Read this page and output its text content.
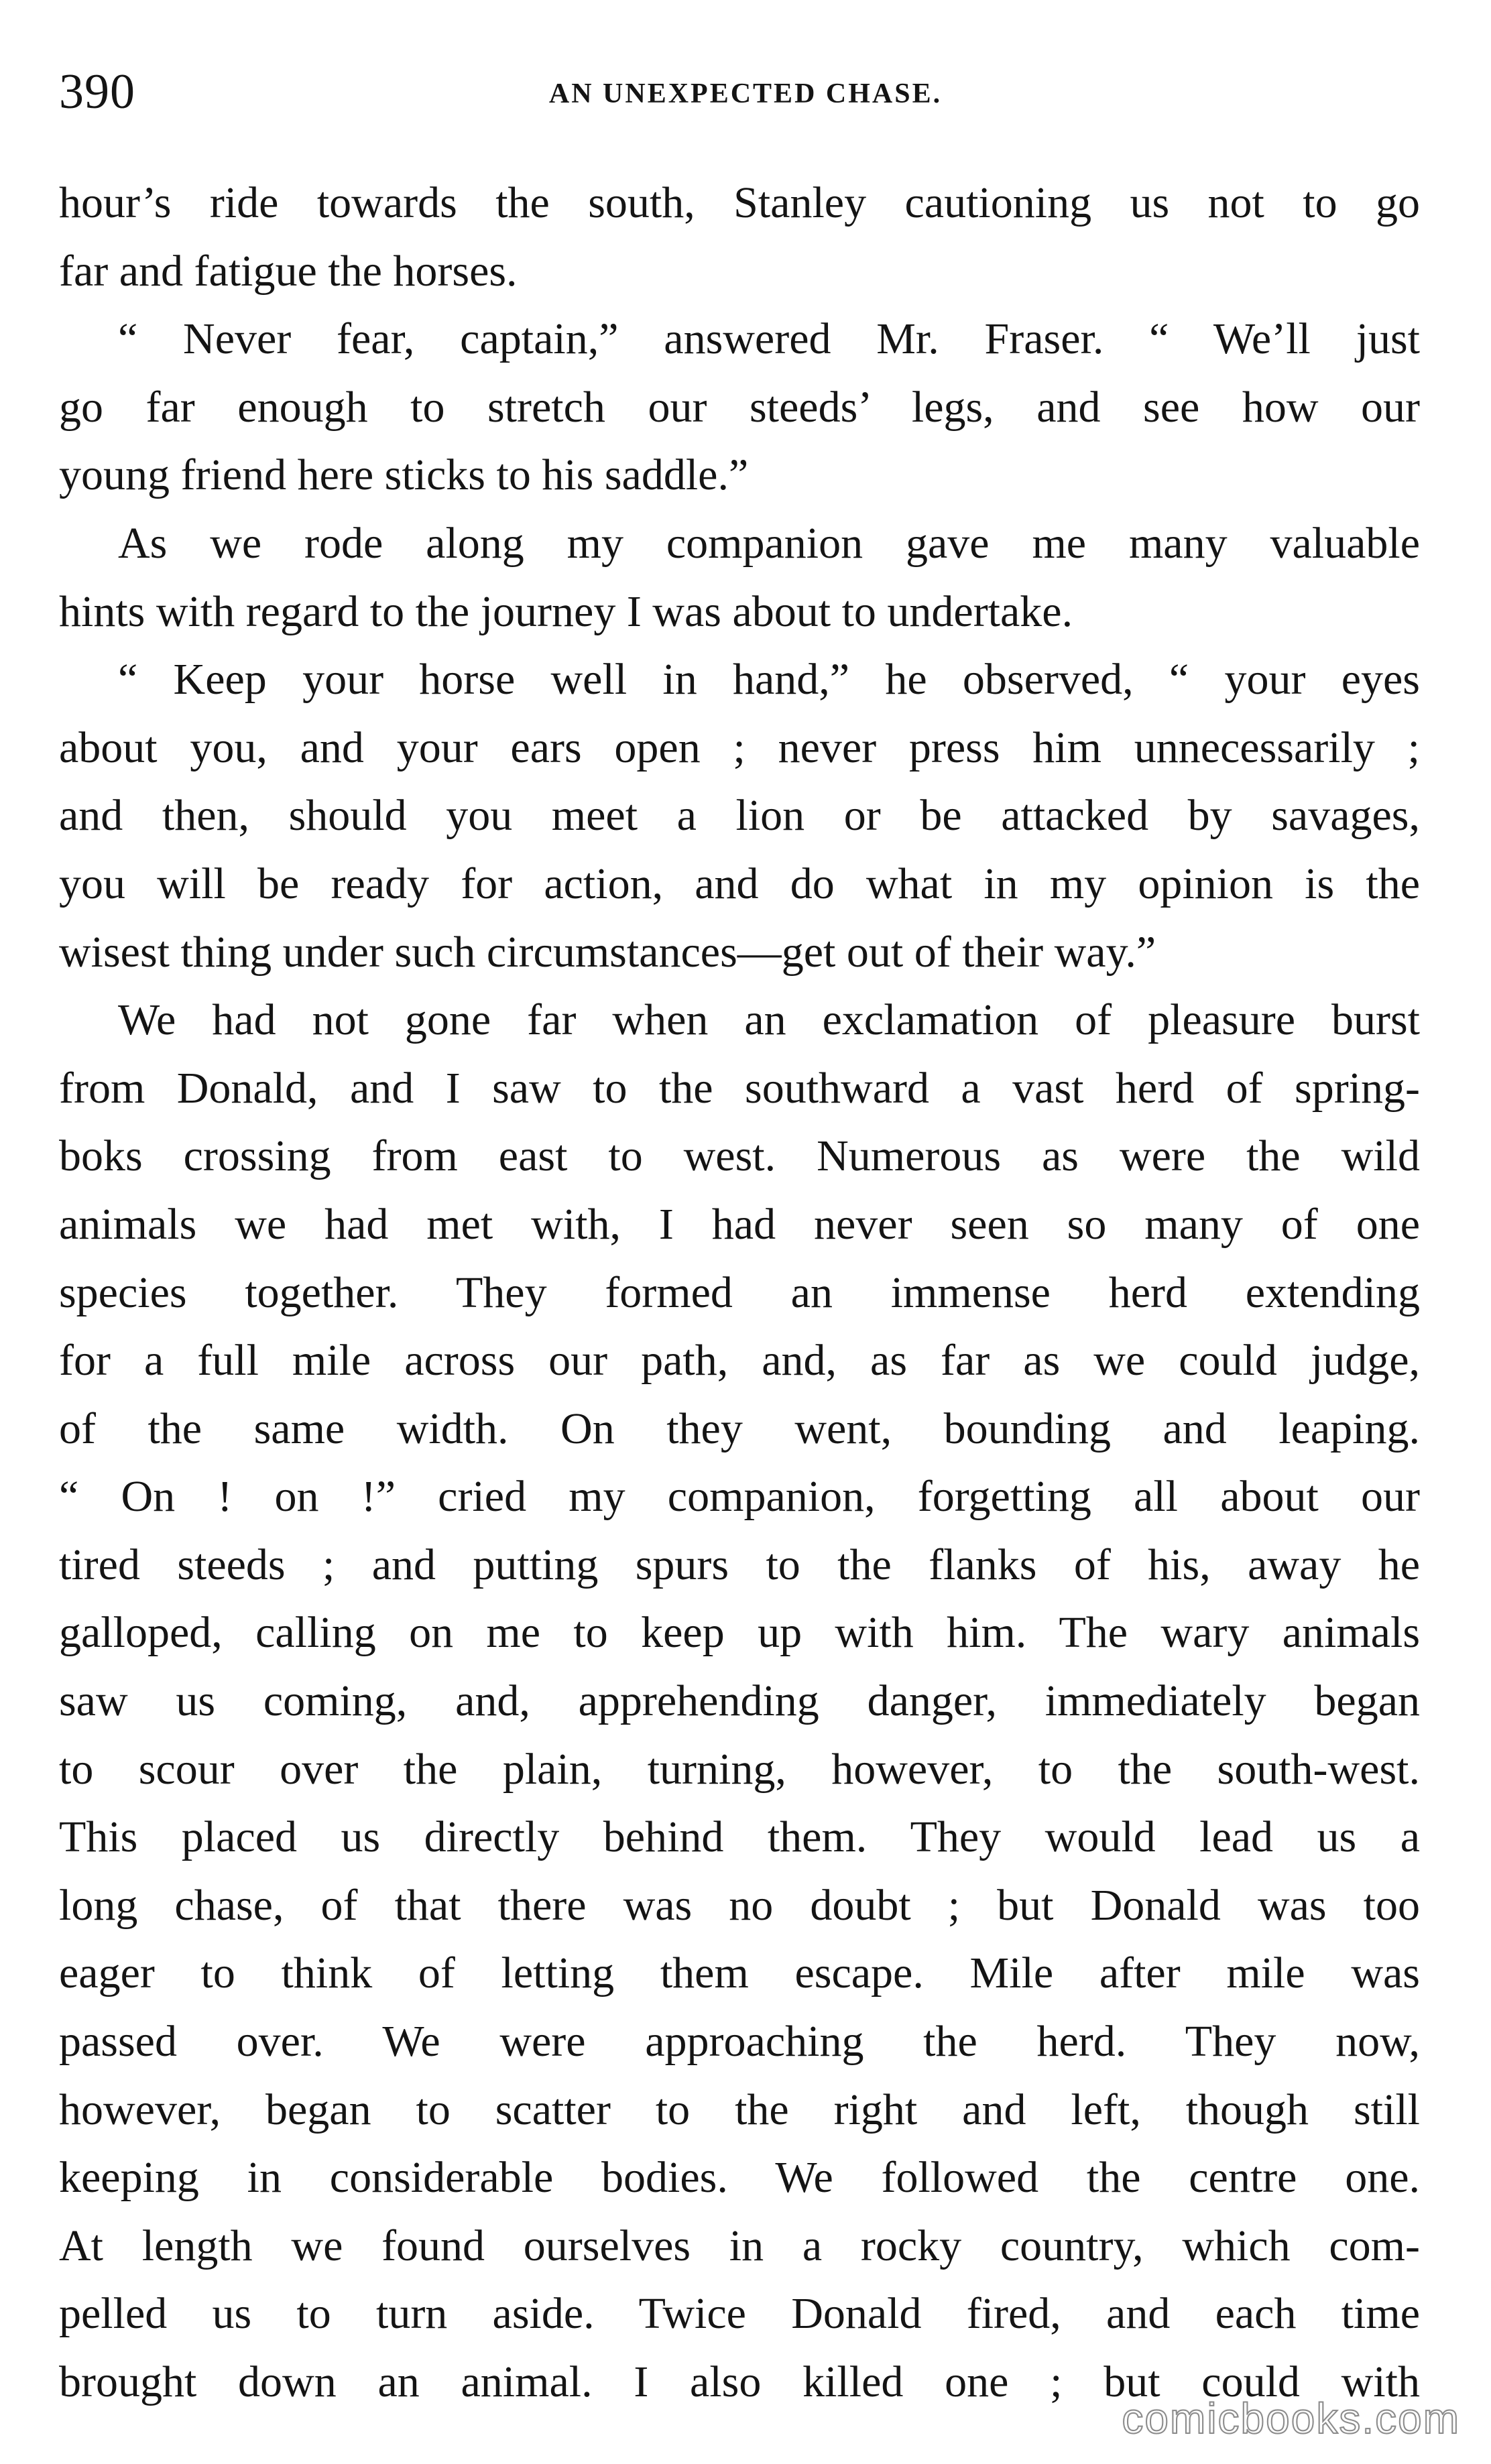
390	AN UNEXPECTED CHASE.
hour’s ride towards the south, Stanley cautioning us not to go
far and fatigue the horses.
“ Never fear, captain,” answered Mr. Fraser. “ We’ll just
go far enough to stretch our steeds’ legs, and see how our
young friend here sticks to his saddle.”
As we rode along my companion gave me many valuable
hints with regard to the journey I was about to undertake.
“ Keep your horse well in hand,” he observed, “ your eyes
about you, and your ears open ; never press him unnecessarily ;
and then, should you meet a lion or be attacked by savages,
you will be ready for action, and do what in my opinion is the
wisest thing under such circumstances—get out of their way.”
We had not gone far when an exclamation of pleasure burst
from Donald, and I saw to the southward a vast herd of spring-
boks crossing from east to west. Numerous as were the wild
animals we had met with, I had never seen so many of one
species together. They formed an immense herd extending
for a full mile across our path, and, as far as we could judge,
of the same width. On they went, bounding and leaping.
“ On ! on !” cried my companion, forgetting all about our
tired steeds ; and putting spurs to the flanks of his, away he
galloped, calling on me to keep up with him. The wary animals
saw us coming, and, apprehending danger, immediately began
to scour over the plain, turning, however, to the south-west.
This placed us directly behind them. They would lead us a
long chase, of that there was no doubt ; but Donald was too
eager to think of letting them escape. Mile after mile was
passed over. We were approaching the herd. They now,
however, began to scatter to the right and left, though still
keeping in considerable bodies. We followed the centre one.
At length we found ourselves in a rocky country, which com-
pelled us to turn aside. Twice Donald fired, and each time
brought down an animal. I also killed one ; but could with
comicbooks.com
